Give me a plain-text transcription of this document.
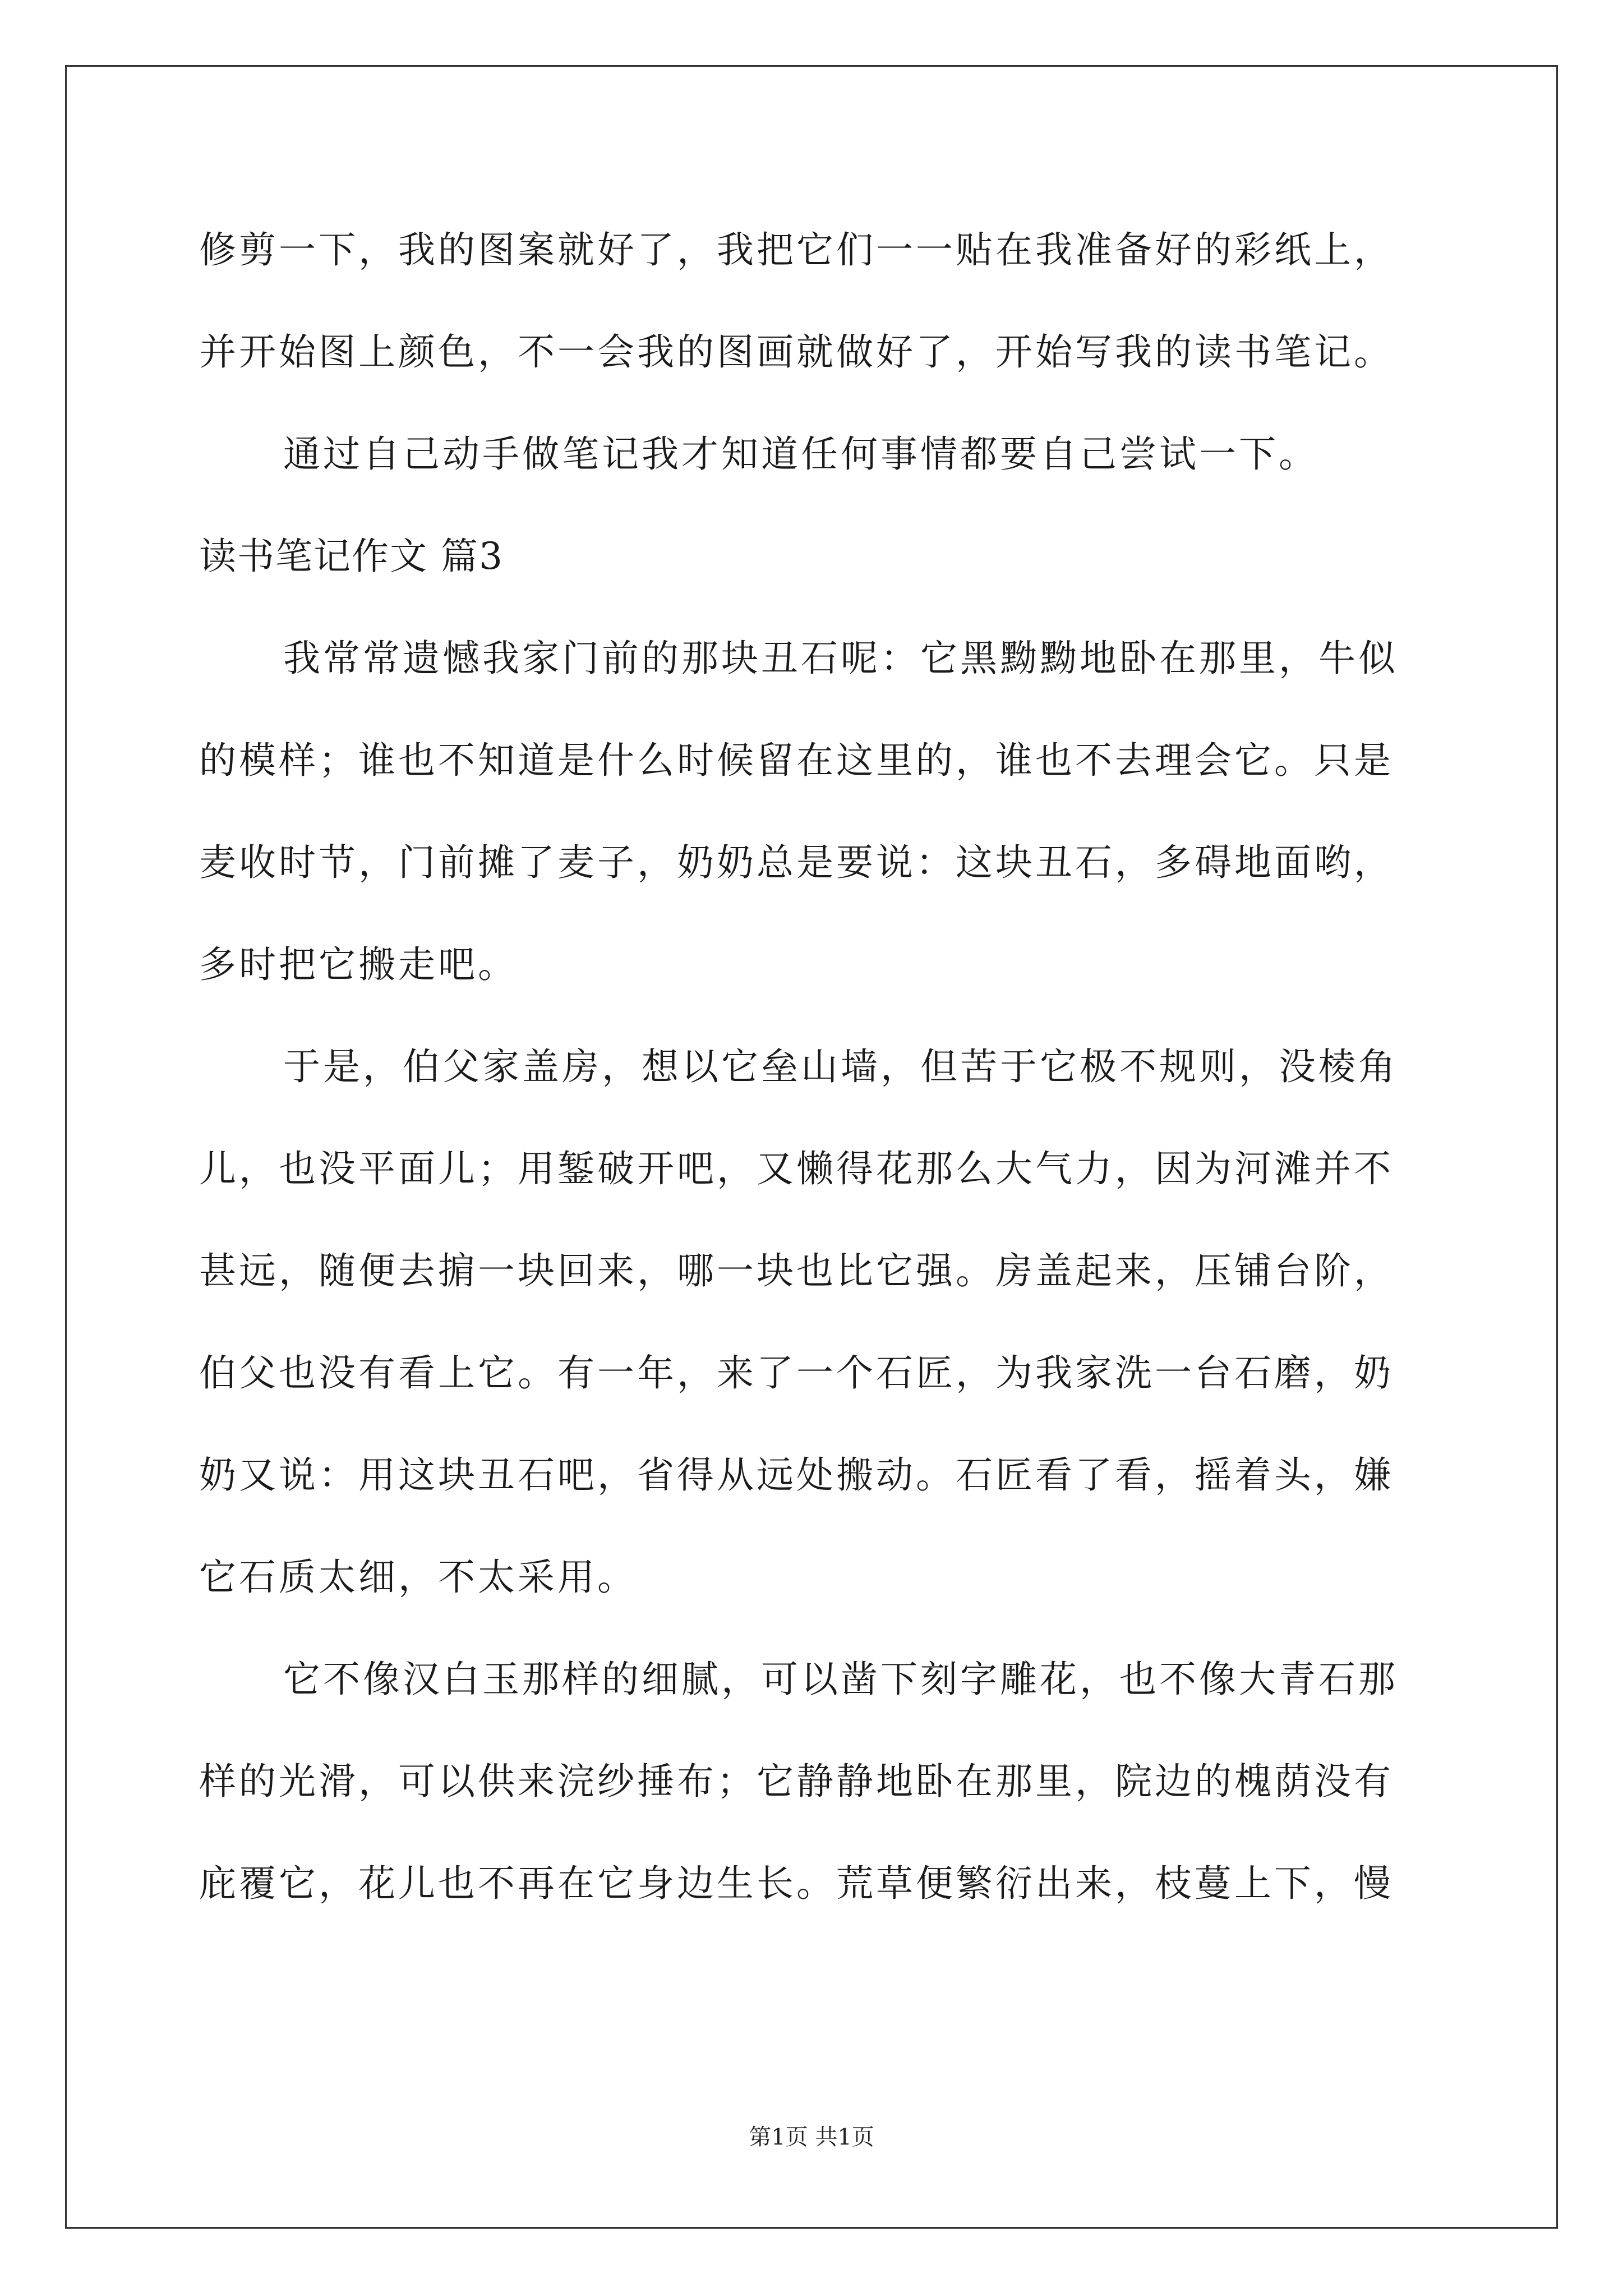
修剪一下，我的图案就好了，我把它们一一贴在我准备好的彩纸上，
并开始图上颜色，不一会我的图画就做好了，开始写我的读书笔记。
通过自己动手做笔记我才知道任何事情都要自己尝试一下。
读书笔记作文 篇3
我常常遗憾我家门前的那块丑石呢：它黑黝黝地卧在那里，牛似
的模样；谁也不知道是什么时候留在这里的，谁也不去理会它。只是
麦收时节，门前摊了麦子，奶奶总是要说：这块丑石，多碍地面哟，
多时把它搬走吧。
于是，伯父家盖房，想以它垒山墙，但苦于它极不规则，没棱角
儿，也没平面儿；用錾破开吧，又懒得花那么大气力，因为河滩并不
甚远，随便去掮一块回来，哪一块也比它强。房盖起来，压铺台阶，
伯父也没有看上它。有一年，来了一个石匠，为我家洗一台石磨，奶
奶又说：用这块丑石吧，省得从远处搬动。石匠看了看，摇着头，嫌
它石质太细，不太采用。
它不像汉白玉那样的细腻，可以凿下刻字雕花，也不像大青石那
样的光滑，可以供来浣纱捶布；它静静地卧在那里，院边的槐荫没有
庇覆它，花儿也不再在它身边生长。荒草便繁衍出来，枝蔓上下，慢
第1页 共1页
